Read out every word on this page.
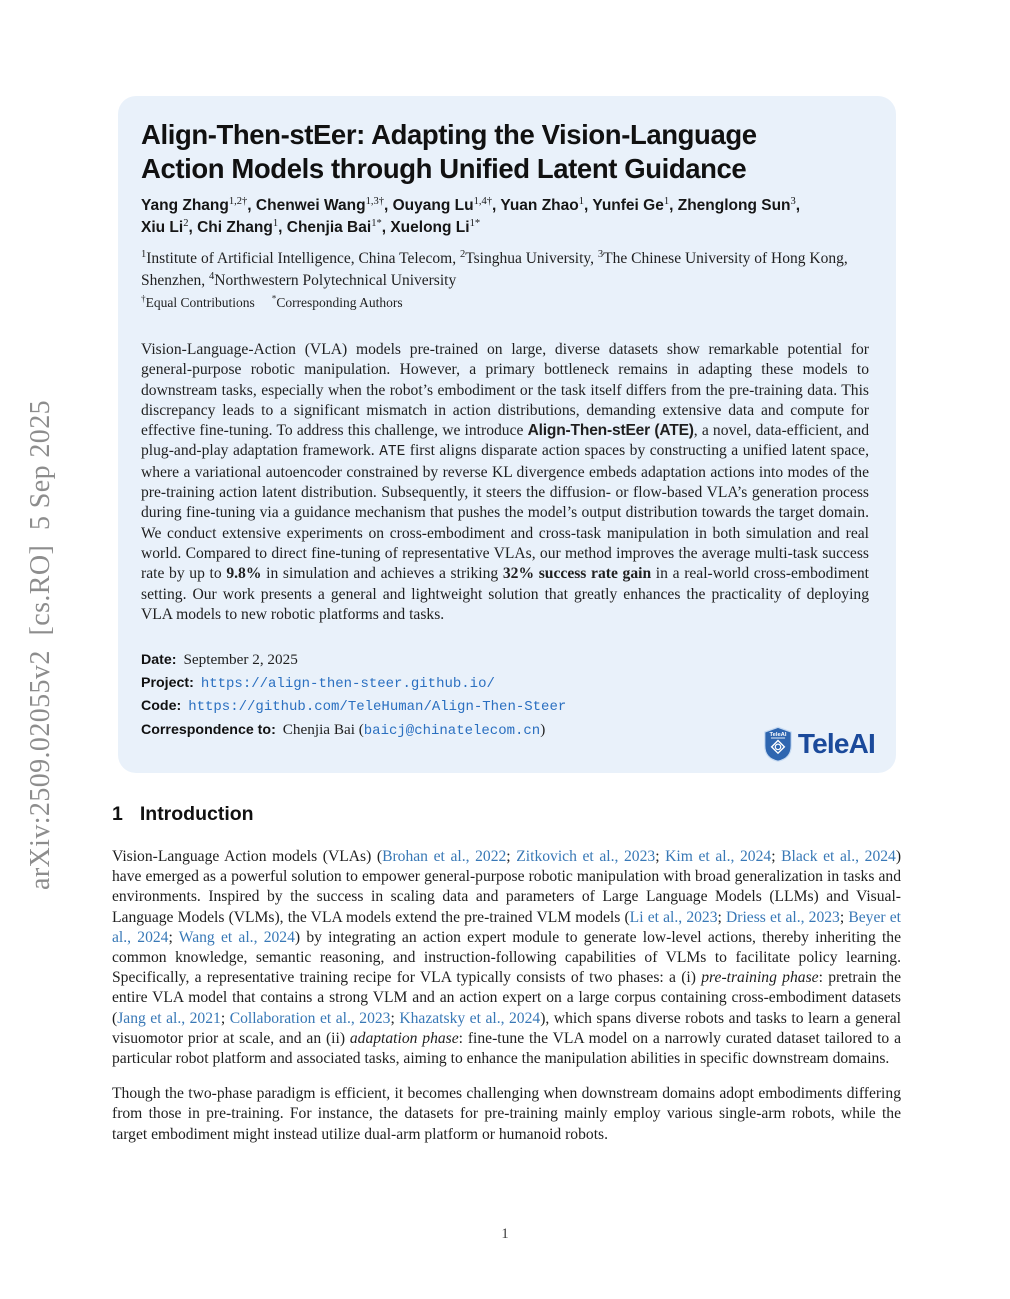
arXiv:2509.02055v2  [cs.RO]  5 Sep 2025
Align-Then-stEer: Adapting the Vision-Language
Action Models through Unified Latent Guidance
Yang Zhang$^{1,2\dagger}$, Chenwei Wang$^{1,3\dagger}$, Ouyang $Lu^{1,4\dagger}$, Yuan Zhao$^1$, Yunfei Ge$^1$, Zhenglong Sun$^3$,
Xiu Li$^2$, Chi Zhang$^1$, Chenjia Bai$^{1*}$, Xuelong $Li^{1*}$
$^1$Institute of Artificial Intelligence, China Telecom, $^2$Tsinghua University, $^3$The Chinese University of Hong Kong, Shenzhen, $^4$Northwestern Polytechnical University
†Equal Contributions *Corresponding Authors
Vision-Language-Action (VLA) models pre-trained on large, diverse datasets show remarkable potential for general-purpose robotic manipulation. However, a primary bottleneck remains in adapting these models to downstream tasks, especially when the robot’s embodiment or the task itself differs from the pre-training data. This discrepancy leads to a significant mismatch in action distributions, demanding extensive data and compute for effective fine-tuning. To address this challenge, we introduce Align-Then-stEer (ATE), a novel, data-efficient, and plug-and-play adaptation framework. ATE first aligns disparate action spaces by constructing a unified latent space, where a variational autoencoder constrained by reverse KL divergence embeds adaptation actions into modes of the pre-training action latent distribution. Subsequently, it steers the diffusion- or flow-based VLA’s generation process during fine-tuning via a guidance mechanism that pushes the model’s output distribution towards the target domain. We conduct extensive experiments on cross-embodiment and cross-task manipulation in both simulation and real world. Compared to direct fine-tuning of representative VLAs, our method improves the average multi-task success rate by up to 9.8% in simulation and achieves a striking 32% success rate gain in a real-world cross-embodiment setting. Our work presents a general and lightweight solution that greatly enhances the practicality of deploying VLA models to new robotic platforms and tasks.
Date: September 2, 2025
Project: https://align-then-steer.github.io/
Code: https://github.com/TeleHuman/Align-Then-Steer
Correspondence to: Chenjia Bai (baicj@chinatelecom.cn)	TeleAI TeleAI
1 Introduction

Vision-Language Action models (VLAs) (Brohan et al., 2022; Zitkovich et al., 2023; Kim et al., 2024; Black et al., 2024) have emerged as a powerful solution to empower general-purpose robotic manipulation with broad generalization in tasks and environments. Inspired by the success in scaling data and parameters of Large Language Models (LLMs) and Visual-Language Models (VLMs), the VLA models extend the pre-trained VLM models (Li et al., 2023; Driess et al., 2023; Beyer et al., 2024; Wang et al., 2024) by integrating an action expert module to generate low-level actions, thereby inheriting the common knowledge, semantic reasoning, and instruction-following capabilities of VLMs to facilitate policy learning. Specifically, a representative training recipe for VLA typically consists of two phases: a (i) pre-training phase: pretrain the entire VLA model that contains a strong VLM and an action expert on a large corpus containing cross-embodiment datasets (Jang et al., 2021; Collaboration et al., 2023; Khazatsky et al., 2024), which spans diverse robots and tasks to learn a general visuomotor prior at scale, and an (ii) adaptation phase: fine-tune the VLA model on a narrowly curated dataset tailored to a particular robot platform and associated tasks, aiming to enhance the manipulation abilities in specific downstream domains.

Though the two-phase paradigm is efficient, it becomes challenging when downstream domains adopt embodiments differing from those in pre-training. For instance, the datasets for pre-training mainly employ various single-arm robots, while the target embodiment might instead utilize dual-arm platform or humanoid robots.

1
